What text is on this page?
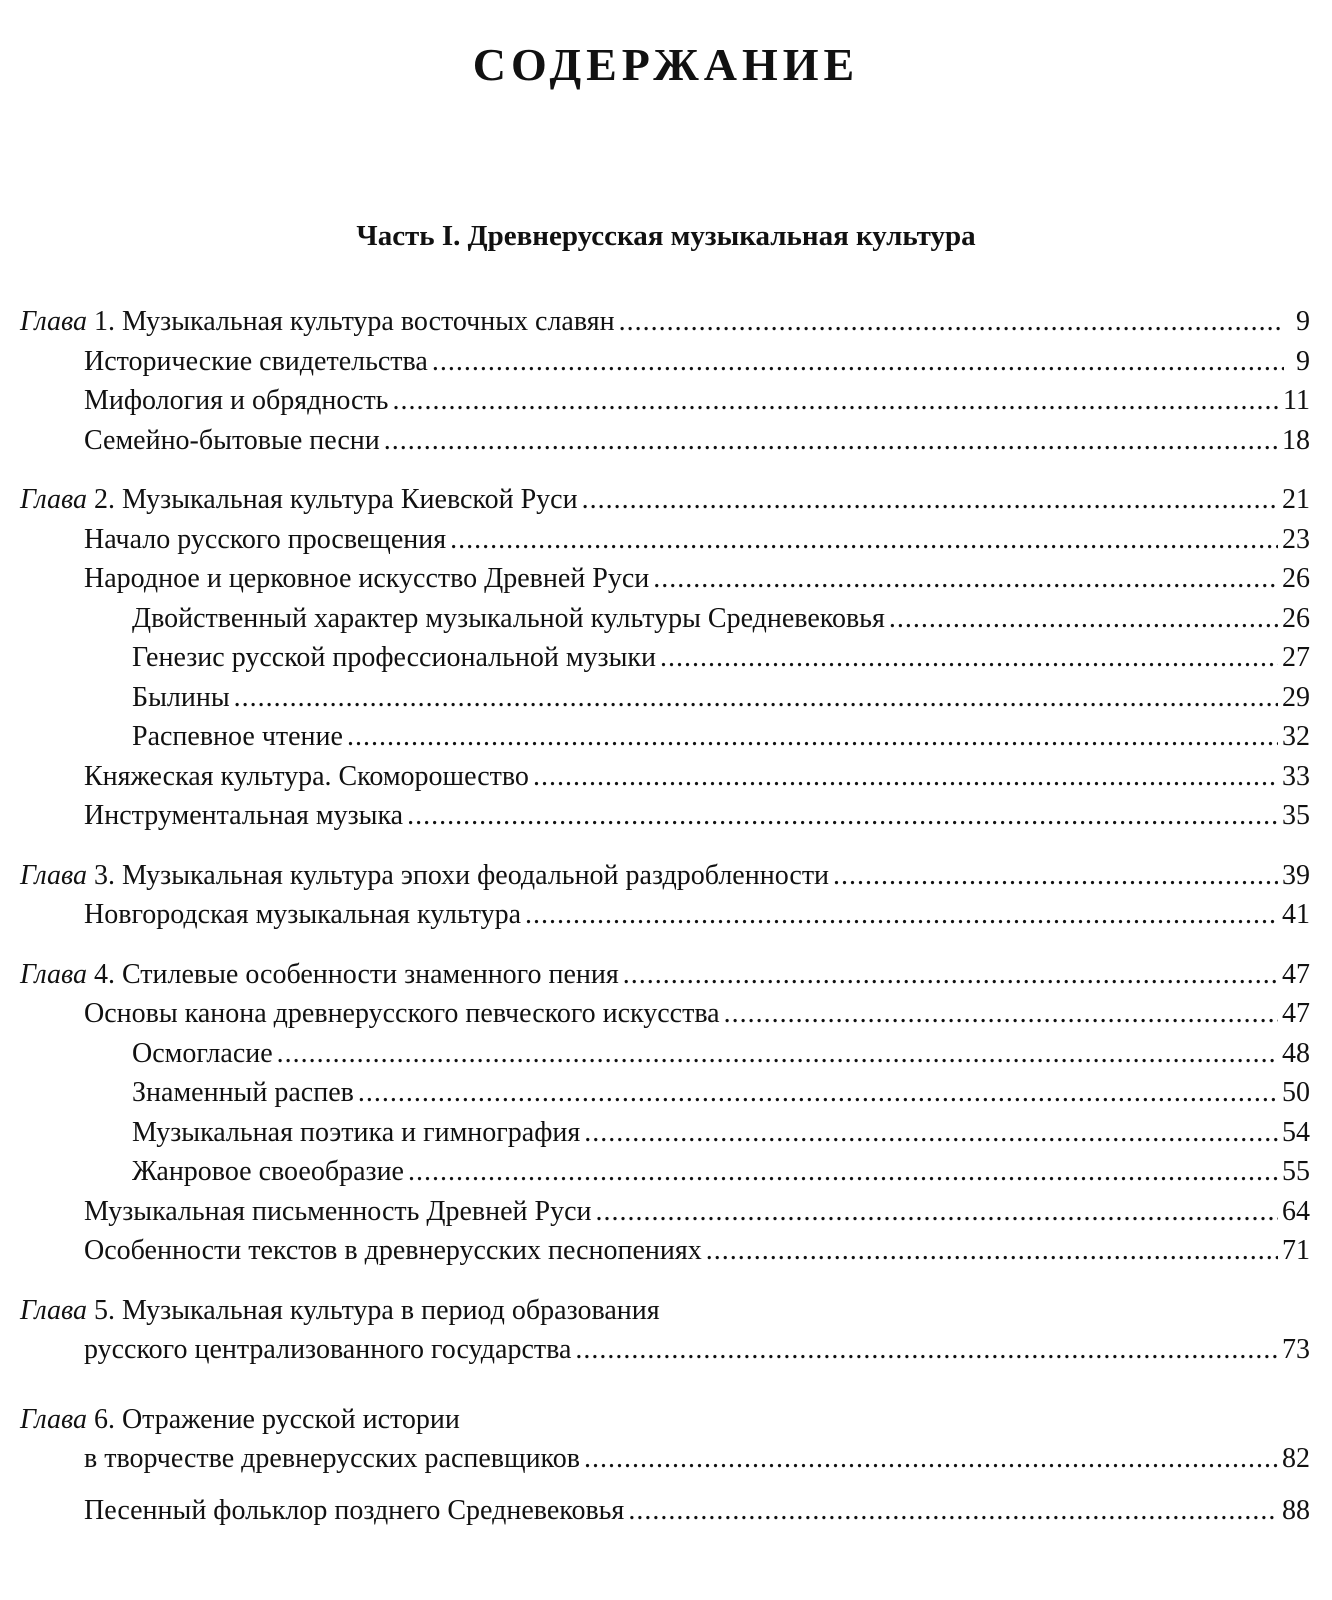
СОДЕРЖАНИЕ
Часть I. Древнерусская музыкальная культура
Глава
1 . Музыкальная культура восточных славян .....	9
Исторические свидетельства .....	9
Мифология и обрядность .....	11
Семейно-бытовые песни .....	18
Глава
2 . Музыкальная культура Киевской Руси .....	21
Начало русского просвещения .....	23
Народное и церковное искусство Древней Руси .....	26
Двойственный характер музыкальной культуры Средневековья .....	26
Генезис русской профессиональной музыки .....	27
Былины .....	29
Распевное чтение .....	32
Княжеская культура. Скоморошество .....	33
Инструментальная музыка .....	35
Глава
3 . Музыкальная культура эпохи феодальной раздробленности .....	39
Новгородская музыкальная культура .....	41
Глава
4 . Стилевые особенности знаменного пения .....	47
Основы канона древнерусского певческого искусства .....	47
Осмогласие .....	48
Знаменный распев .....	50
Музыкальная поэтика и гимнография .....	54
Жанровое своеобразие .....	55
Музыкальная письменность Древней Руси .....	64
Особенности текстов в древнерусских песнопениях .....	71
Глава 5. Музыкальная культура в период образования
русского централизованного государства .....	73
Глава 6. Отражение русской истории
в творчестве древнерусских распевщиков .....	82
Песенный фольклор позднего Средневековья .....	88
